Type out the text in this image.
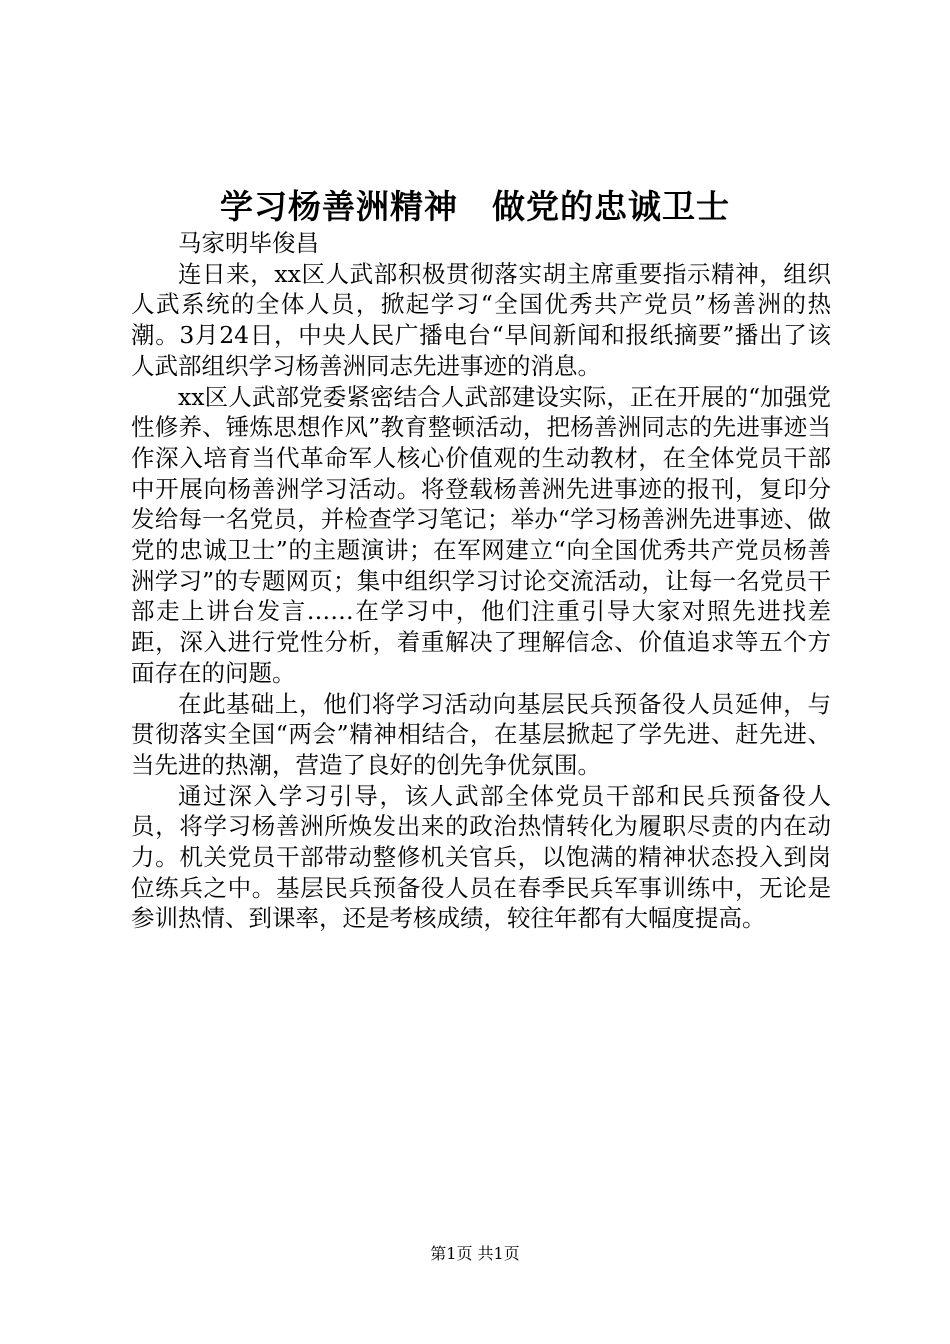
学习杨善洲精神　做党的忠诚卫士

马家明毕俊昌

连日来，xx区人武部积极贯彻落实胡主席重要指示精神，组织人武系统的全体人员，掀起学习“全国优秀共产党员”杨善洲的热潮。3月24日，中央人民广播电台“早间新闻和报纸摘要”播出了该人武部组织学习杨善洲同志先进事迹的消息。

xx区人武部党委紧密结合人武部建设实际，正在开展的“加强党性修养、锤炼思想作风”教育整顿活动，把杨善洲同志的先进事迹当作深入培育当代革命军人核心价值观的生动教材，在全体党员干部中开展向杨善洲学习活动。将登载杨善洲先进事迹的报刊，复印分发给每一名党员，并检查学习笔记；举办“学习杨善洲先进事迹、做党的忠诚卫士”的主题演讲；在军网建立“向全国优秀共产党员杨善洲学习”的专题网页；集中组织学习讨论交流活动，让每一名党员干部走上讲台发言……在学习中，他们注重引导大家对照先进找差距，深入进行党性分析，着重解决了理解信念、价值追求等五个方面存在的问题。

在此基础上，他们将学习活动向基层民兵预备役人员延伸，与贯彻落实全国“两会”精神相结合，在基层掀起了学先进、赶先进、当先进的热潮，营造了良好的创先争优氛围。

通过深入学习引导，该人武部全体党员干部和民兵预备役人员，将学习杨善洲所焕发出来的政治热情转化为履职尽责的内在动力。机关党员干部带动整修机关官兵，以饱满的精神状态投入到岗位练兵之中。基层民兵预备役人员在春季民兵军事训练中，无论是参训热情、到课率，还是考核成绩，较往年都有大幅度提高。

第1页 共1页
